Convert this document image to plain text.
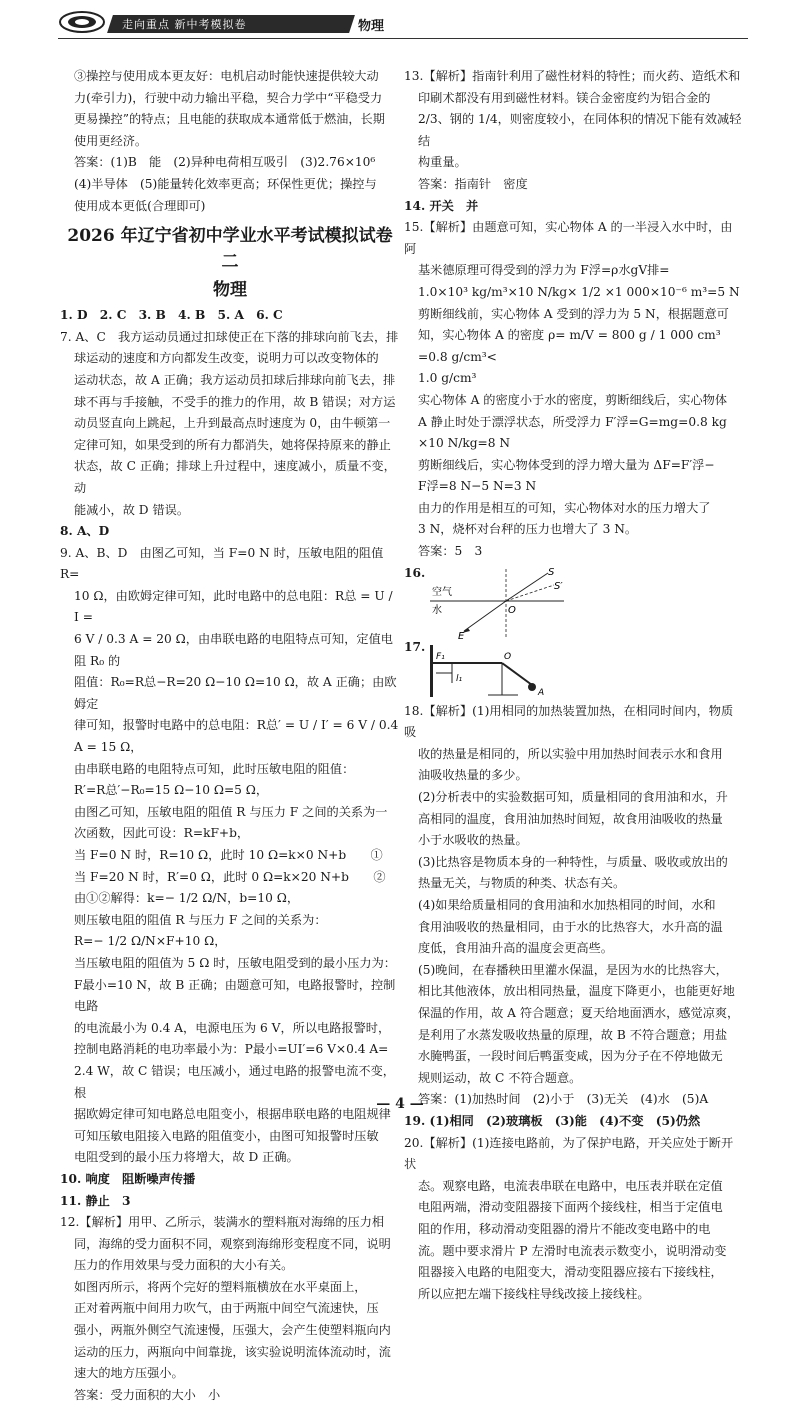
走向重点 新中考模拟卷	物理

③操控与使用成本更友好：电机启动时能快速提供较大动

力(牵引力)，行驶中动力输出平稳，契合力学中“平稳受力

更易操控”的特点；且电能的获取成本通常低于燃油，长期

使用更经济。

答案：(1)B　能　(2)异种电荷相互吸引　(3)2.76×10⁶

(4)半导体　(5)能量转化效率更高；环保性更优；操控与

使用成本更低(合理即可)

2026 年辽宁省初中学业水平考试模拟试卷二
物理

1. D　2. C　3. B　4. B　5. A　6. C

7. A、C　我方运动员通过扣球使正在下落的排球向前飞去，排

球运动的速度和方向都发生改变，说明力可以改变物体的

运动状态，故 A 正确；我方运动员扣球后排球向前飞去，排

球不再与手接触，不受手的推力的作用，故 B 错误；对方运

动员竖直向上跳起，上升到最高点时速度为 0，由牛顿第一

定律可知，如果受到的所有力都消失，她将保持原来的静止

状态，故 C 正确；排球上升过程中，速度减小，质量不变，动

能减小，故 D 错误。

8. A、D

9. A、B、D　由图乙可知，当 F=0 N 时，压敏电阻的阻值 R=

10 Ω，由欧姆定律可知，此时电路中的总电阻：R总 = U / I =

6 V / 0.3 A = 20 Ω，由串联电路的电阻特点可知，定值电阻 R₀ 的

阻值：R₀=R总−R=20 Ω−10 Ω=10 Ω，故 A 正确；由欧姆定

律可知，报警时电路中的总电阻：R总′ = U / I′ = 6 V / 0.4 A = 15 Ω，

由串联电路的电阻特点可知，此时压敏电阻的阻值：

R′=R总′−R₀=15 Ω−10 Ω=5 Ω，

由图乙可知，压敏电阻的阻值 R 与压力 F 之间的关系为一

次函数，因此可设：R=kF+b，

当 F=0 N 时，R=10 Ω，此时 10 Ω=k×0 N+b　　①

当 F=20 N 时，R′=0 Ω，此时 0 Ω=k×20 N+b　　②

由①②解得：k=− 1/2 Ω/N，b=10 Ω，

则压敏电阻的阻值 R 与压力 F 之间的关系为：

R=− 1/2 Ω/N×F+10 Ω，

当压敏电阻的阻值为 5 Ω 时，压敏电阻受到的最小压力为：

F最小=10 N，故 B 正确；由题意可知，电路报警时，控制电路

的电流最小为 0.4 A，电源电压为 6 V，所以电路报警时，

控制电路消耗的电功率最小为：P最小=UI′=6 V×0.4 A=

2.4 W，故 C 错误；电压减小，通过电路的报警电流不变，根

据欧姆定律可知电路总电阻变小，根据串联电路的电阻规律

可知压敏电阻接入电路的阻值变小，由图可知报警时压敏

电阻受到的最小压力将增大，故 D 正确。

10. 响度　阻断噪声传播

11. 静止　3

12.【解析】用甲、乙所示，装满水的塑料瓶对海绵的压力相

同，海绵的受力面积不同，观察到海绵形变程度不同，说明

压力的作用效果与受力面积的大小有关。

如图丙所示，将两个完好的塑料瓶横放在水平桌面上，

正对着两瓶中间用力吹气，由于两瓶中间空气流速快，压

强小，两瓶外侧空气流速慢，压强大，会产生使塑料瓶向内

运动的压力，两瓶向中间靠拢，该实验说明流体流动时，流

速大的地方压强小。

答案：受力面积的大小　小

13.【解析】指南针利用了磁性材料的特性；而火药、造纸术和

印刷术都没有用到磁性材料。镁合金密度约为铝合金的

2/3、钢的 1/4，则密度较小，在同体积的情况下能有效减轻结

构重量。

答案：指南针　密度

14. 开关　并

15.【解析】由题意可知，实心物体 A 的一半浸入水中时，由阿

基米德原理可得受到的浮力为 F浮=ρ水gV排=

1.0×10³ kg/m³×10 N/kg× 1/2 ×1 000×10⁻⁶ m³=5 N

剪断细线前，实心物体 A 受到的浮力为 5 N，根据题意可

知，实心物体 A 的密度 ρ= m/V = 800 g / 1 000 cm³ =0.8 g/cm³<

1.0 g/cm³

实心物体 A 的密度小于水的密度，剪断细线后，实心物体

A 静止时处于漂浮状态，所受浮力 F′浮=G=mg=0.8 kg

×10 N/kg=8 N

剪断细线后，实心物体受到的浮力增大量为 ΔF=F′浮−

F浮=8 N−5 N=3 N

由力的作用是相互的可知，实心物体对水的压力增大了

3 N，烧杯对台秤的压力也增大了 3 N。

答案：5　3

16.
空气
水	O
S
S′
E
17.
F₁
l₁
O
A

18.【解析】(1)用相同的加热装置加热，在相同时间内，物质吸

收的热量是相同的，所以实验中用加热时间表示水和食用

油吸收热量的多少。

(2)分析表中的实验数据可知，质量相同的食用油和水，升

高相同的温度，食用油加热时间短，故食用油吸收的热量

小于水吸收的热量。

(3)比热容是物质本身的一种特性，与质量、吸收或放出的

热量无关，与物质的种类、状态有关。

(4)如果给质量相同的食用油和水加热相同的时间，水和

食用油吸收的热量相同，由于水的比热容大，水升高的温

度低，食用油升高的温度会更高些。

(5)晚间，在春播秧田里灌水保温，是因为水的比热容大，

相比其他液体，放出相同热量，温度下降更小，也能更好地

保温的作用，故 A 符合题意；夏天给地面洒水，感觉凉爽，

是利用了水蒸发吸收热量的原理，故 B 不符合题意；用盐

水腌鸭蛋，一段时间后鸭蛋变咸，因为分子在不停地做无

规则运动，故 C 不符合题意。

答案：(1)加热时间　(2)小于　(3)无关　(4)水　(5)A

19. (1)相同　(2)玻璃板　(3)能　(4)不变　(5)仍然

20.【解析】(1)连接电路前，为了保护电路，开关应处于断开状

态。观察电路，电流表串联在电路中，电压表并联在定值

电阻两端，滑动变阻器接下面两个接线柱，相当于定值电

阻的作用，移动滑动变阻器的滑片不能改变电路中的电

流。题中要求滑片 P 左滑时电流表示数变小，说明滑动变

阻器接入电路的电阻变大，滑动变阻器应接右下接线柱，

所以应把左端下接线柱导线改接上接线柱。

— 4 —
